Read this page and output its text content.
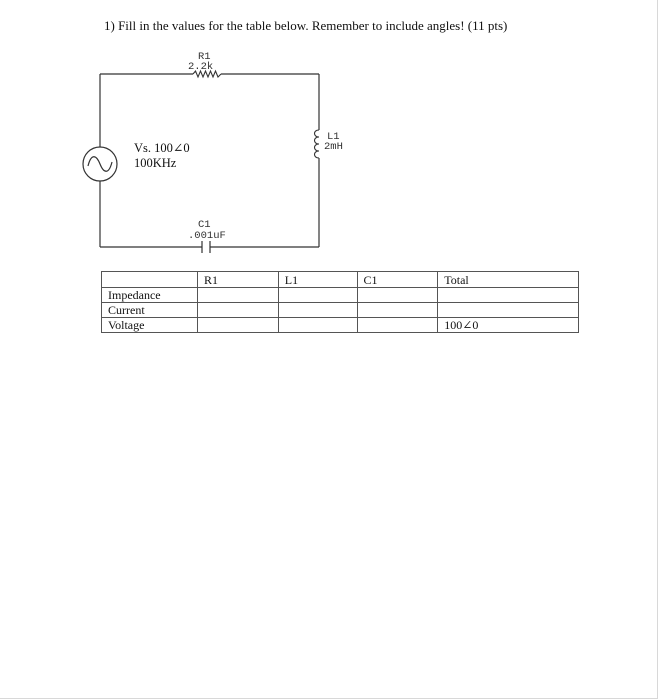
1) Fill in the values for the table below. Remember to include angles! (11 pts)
R1
2.2k
L1
2mH
C1
.001uF
Vs. 100∠0
100KHz
	R1	L1	C1	Total
Impedance				
Current				
Voltage				100∠0
